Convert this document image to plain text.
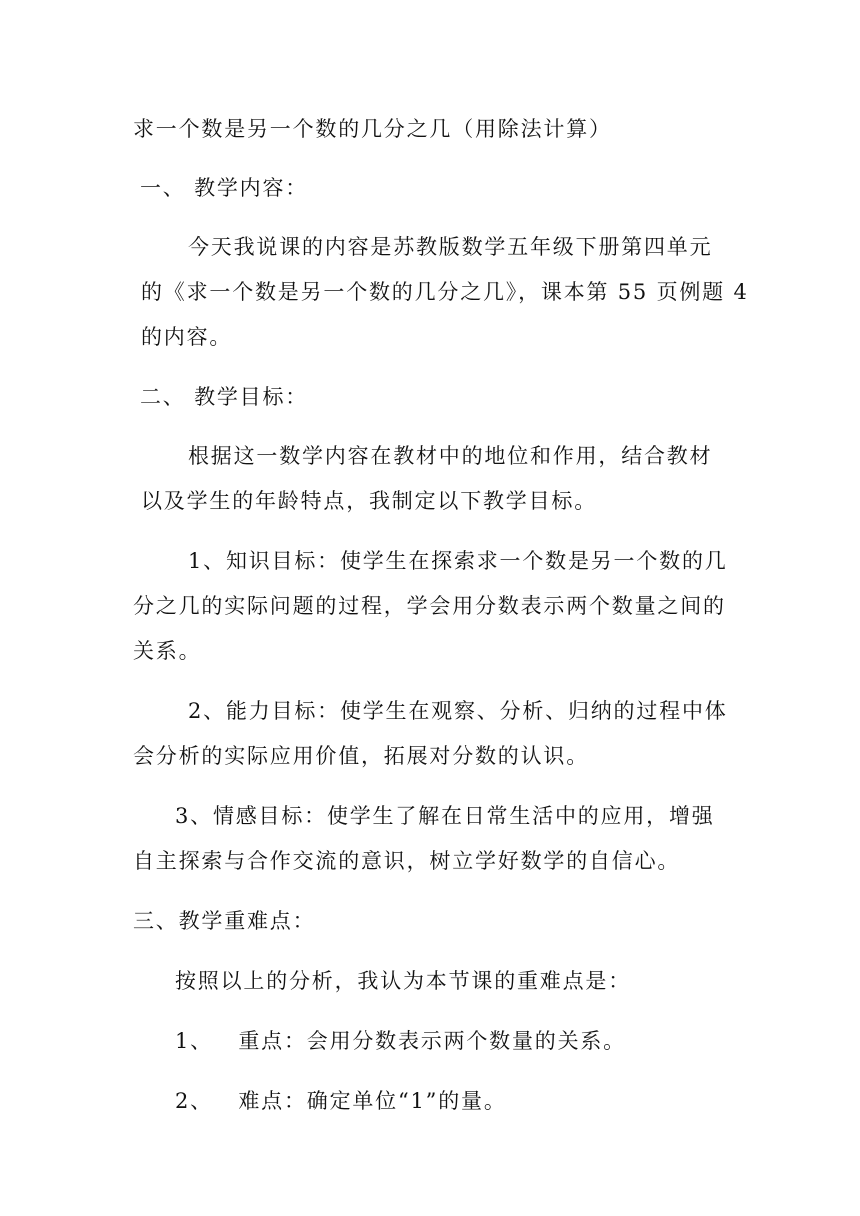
求一个数是另一个数的几分之几（用除法计算）
一、 教学内容：
今天我说课的内容是苏教版数学五年级下册第四单元
的《求一个数是另一个数的几分之几》，课本第 55 页例题 4
的内容。
二、 教学目标：
根据这一数学内容在教材中的地位和作用，结合教材
以及学生的年龄特点，我制定以下教学目标。
1、知识目标：使学生在探索求一个数是另一个数的几
分之几的实际问题的过程，学会用分数表示两个数量之间的
关系。
2、能力目标：使学生在观察、分析、归纳的过程中体
会分析的实际应用价值，拓展对分数的认识。
3、情感目标：使学生了解在日常生活中的应用，增强
自主探索与合作交流的意识，树立学好数学的自信心。
三、教学重难点：
按照以上的分析，我认为本节课的重难点是：
1、   重点：会用分数表示两个数量的关系。
2、   难点：确定单位“1”的量。
